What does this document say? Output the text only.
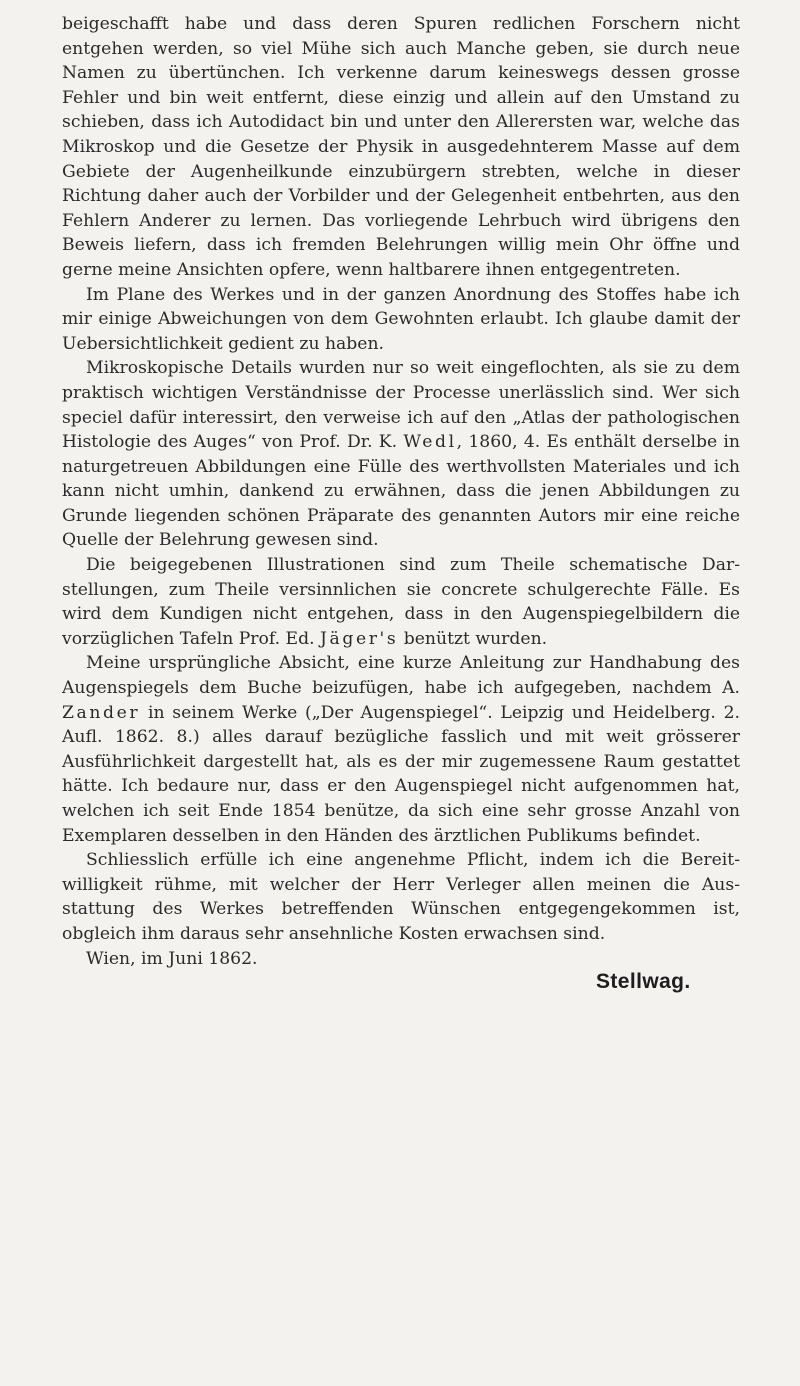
beigeschafft habe und dass deren Spuren redlichen Forschern nicht entgehen werden, so viel Mühe sich auch Manche geben, sie durch neue Namen zu übertünchen. Ich verkenne darum keineswegs dessen grosse Fehler und bin weit entfernt, diese einzig und allein auf den Umstand zu schieben, dass ich Autodidact bin und unter den Allerersten war, welche das Mikroskop und die Gesetze der Physik in ausgedehnterem Masse auf dem Gebiete der Augenheilkunde einzubürgern strebten, welche in dieser Richtung daher auch der Vorbilder und der Gelegenheit entbehrten, aus den Fehlern Anderer zu lernen. Das vorliegende Lehrbuch wird übrigens den Beweis liefern, dass ich fremden Belehrungen willig mein Ohr öffne und gerne meine Ansichten opfere, wenn haltbarere ihnen entgegentreten.

Im Plane des Werkes und in der ganzen Anordnung des Stoffes habe ich mir einige Abweichungen von dem Gewohnten erlaubt. Ich glaube damit der Uebersichtlichkeit gedient zu haben.

Mikroskopische Details wurden nur so weit eingeflochten, als sie zu dem praktisch wichtigen Verständnisse der Processe unerlässlich sind. Wer sich speciel dafür interessirt, den verweise ich auf den „Atlas der pathologischen Histologie des Auges“ von Prof. Dr. K. Wedl, 1860, 4. Es enthält derselbe in naturgetreuen Abbildungen eine Fülle des werthvollsten Materiales und ich kann nicht umhin, dankend zu erwähnen, dass die jenen Abbildungen zu Grunde liegenden schönen Präparate des genannten Autors mir eine reiche Quelle der Belehrung gewesen sind.

Die beigegebenen Illustrationen sind zum Theile schematische Darstellungen, zum Theile versinnlichen sie concrete schulgerechte Fälle. Es wird dem Kundigen nicht entgehen, dass in den Augenspiegelbildern die vorzüglichen Tafeln Prof. Ed. Jäger's benützt wurden.

Meine ursprüngliche Absicht, eine kurze Anleitung zur Handhabung des Augenspiegels dem Buche beizufügen, habe ich aufgegeben, nachdem A. Zander in seinem Werke („Der Augenspiegel“. Leipzig und Heidelberg. 2. Aufl. 1862. 8.) alles darauf bezügliche fasslich und mit weit grösserer Ausführlichkeit dargestellt hat, als es der mir zugemessene Raum gestattet hätte. Ich bedaure nur, dass er den Augenspiegel nicht aufgenommen hat, welchen ich seit Ende 1854 benütze, da sich eine sehr grosse Anzahl von Exemplaren desselben in den Händen des ärztlichen Publikums befindet.

Schliesslich erfülle ich eine angenehme Pflicht, indem ich die Bereitwilligkeit rühme, mit welcher der Herr Verleger allen meinen die Ausstattung des Werkes betreffenden Wünschen entgegengekommen ist, obgleich ihm daraus sehr ansehnliche Kosten erwachsen sind.

Wien, im Juni 1862.

Stellwag.
